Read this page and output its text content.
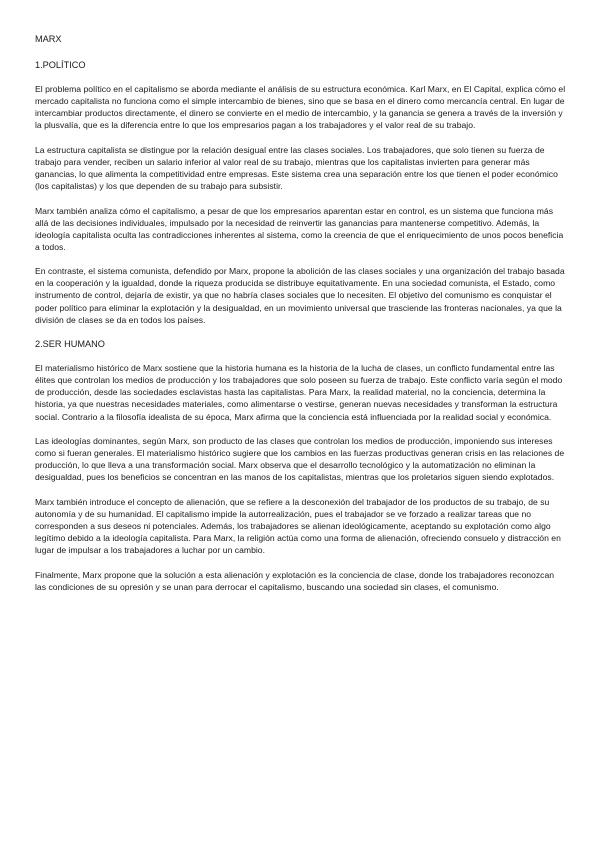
MARX
1.POLÍTICO

El problema político en el capitalismo se aborda mediante el análisis de su estructura económica. Karl Marx, en El Capital, explica cómo el mercado capitalista no funciona como el simple intercambio de bienes, sino que se basa en el dinero como mercancía central. En lugar de intercambiar productos directamente, el dinero se convierte en el medio de intercambio, y la ganancia se genera a través de la inversión y la plusvalía, que es la diferencia entre lo que los empresarios pagan a los trabajadores y el valor real de su trabajo.

La estructura capitalista se distingue por la relación desigual entre las clases sociales. Los trabajadores, que solo tienen su fuerza de trabajo para vender, reciben un salario inferior al valor real de su trabajo, mientras que los capitalistas invierten para generar más ganancias, lo que alimenta la competitividad entre empresas. Este sistema crea una separación entre los que tienen el poder económico (los capitalistas) y los que dependen de su trabajo para subsistir.

Marx también analiza cómo el capitalismo, a pesar de que los empresarios aparentan estar en control, es un sistema que funciona más allá de las decisiones individuales, impulsado por la necesidad de reinvertir las ganancias para mantenerse competitivo. Además, la ideología capitalista oculta las contradicciones inherentes al sistema, como la creencia de que el enriquecimiento de unos pocos beneficia a todos.

En contraste, el sistema comunista, defendido por Marx, propone la abolición de las clases sociales y una organización del trabajo basada en la cooperación y la igualdad, donde la riqueza producida se distribuye equitativamente. En una sociedad comunista, el Estado, como instrumento de control, dejaría de existir, ya que no habría clases sociales que lo necesiten. El objetivo del comunismo es conquistar el poder político para eliminar la explotación y la desigualdad, en un movimiento universal que trasciende las fronteras nacionales, ya que la división de clases se da en todos los países.

2.SER HUMANO

El materialismo histórico de Marx sostiene que la historia humana es la historia de la lucha de clases, un conflicto fundamental entre las élites que controlan los medios de producción y los trabajadores que solo poseen su fuerza de trabajo. Este conflicto varía según el modo de producción, desde las sociedades esclavistas hasta las capitalistas. Para Marx, la realidad material, no la conciencia, determina la historia, ya que nuestras necesidades materiales, como alimentarse o vestirse, generan nuevas necesidades y transforman la estructura social. Contrario a la filosofía idealista de su época, Marx afirma que la conciencia está influenciada por la realidad social y económica.

Las ideologías dominantes, según Marx, son producto de las clases que controlan los medios de producción, imponiendo sus intereses como si fueran generales. El materialismo histórico sugiere que los cambios en las fuerzas productivas generan crisis en las relaciones de producción, lo que lleva a una transformación social. Marx observa que el desarrollo tecnológico y la automatización no eliminan la desigualdad, pues los beneficios se concentran en las manos de los capitalistas, mientras que los proletarios siguen siendo explotados.

Marx también introduce el concepto de alienación, que se refiere a la desconexión del trabajador de los productos de su trabajo, de su autonomía y de su humanidad. El capitalismo impide la autorrealización, pues el trabajador se ve forzado a realizar tareas que no corresponden a sus deseos ni potenciales. Además, los trabajadores se alienan ideológicamente, aceptando su explotación como algo legítimo debido a la ideología capitalista. Para Marx, la religión actúa como una forma de alienación, ofreciendo consuelo y distracción en lugar de impulsar a los trabajadores a luchar por un cambio.

Finalmente, Marx propone que la solución a esta alienación y explotación es la conciencia de clase, donde los trabajadores reconozcan las condiciones de su opresión y se unan para derrocar el capitalismo, buscando una sociedad sin clases, el comunismo.
